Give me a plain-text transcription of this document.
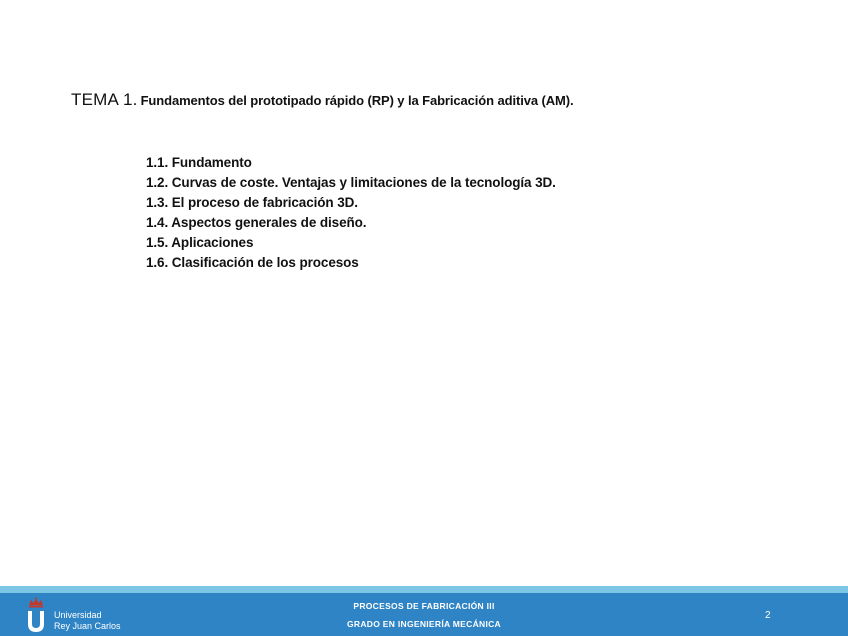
TEMA 1. Fundamentos del prototipado rápido (RP) y la Fabricación aditiva (AM).
1.1. Fundamento
1.2. Curvas de coste. Ventajas y limitaciones de la tecnología 3D.
1.3. El proceso de fabricación 3D.
1.4. Aspectos generales de diseño.
1.5. Aplicaciones
1.6. Clasificación de los procesos
Universidad
Rey Juan Carlos
PROCESOS DE FABRICACIÓN III
GRADO EN INGENIERÍA MECÁNICA
2
